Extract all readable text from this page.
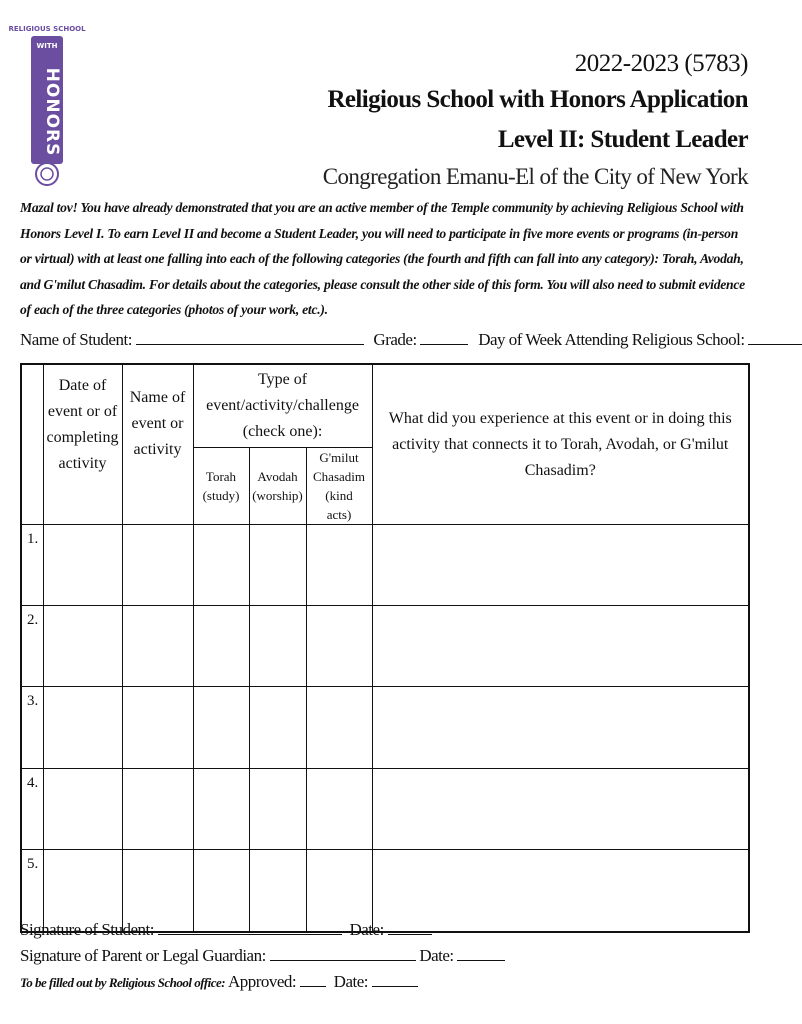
RELIGIOUS SCHOOL
WITH
HONORS
2022-2023 (5783)
Religious School with Honors Application
Level II: Student Leader
Congregation Emanu-El of the City of New York
Mazal tov! You have already demonstrated that you are an active member of the Temple community by achieving Religious School with Honors Level I. To earn Level II and become a Student Leader, you will need to participate in five more events or programs (in-person or virtual) with at least one falling into each of the following categories (the fourth and fifth can fall into any category): Torah, Avodah, and G'milut Chasadim. For details about the categories, please consult the other side of this form. You will also need to submit evidence of each of the three categories (photos of your work, etc.).
Name of Student:	Grade:	Day of Week Attending Religious School:
	Date of event or of completing activity	Name of event or activity	Type of event/activity/challenge (check one):			What did you experience at this event or in doing this activity that connects it to Torah, Avodah, or G'milut Chasadim?
			Torah (study)	Avodah (worship)	G'milut Chasadim (kind acts)	
1.						
2.						
3.						
4.						
5.						
Signature of Student:	Date:
Signature of Parent or Legal Guardian:	Date:
To be filled out by Religious School office: Approved: Date:
